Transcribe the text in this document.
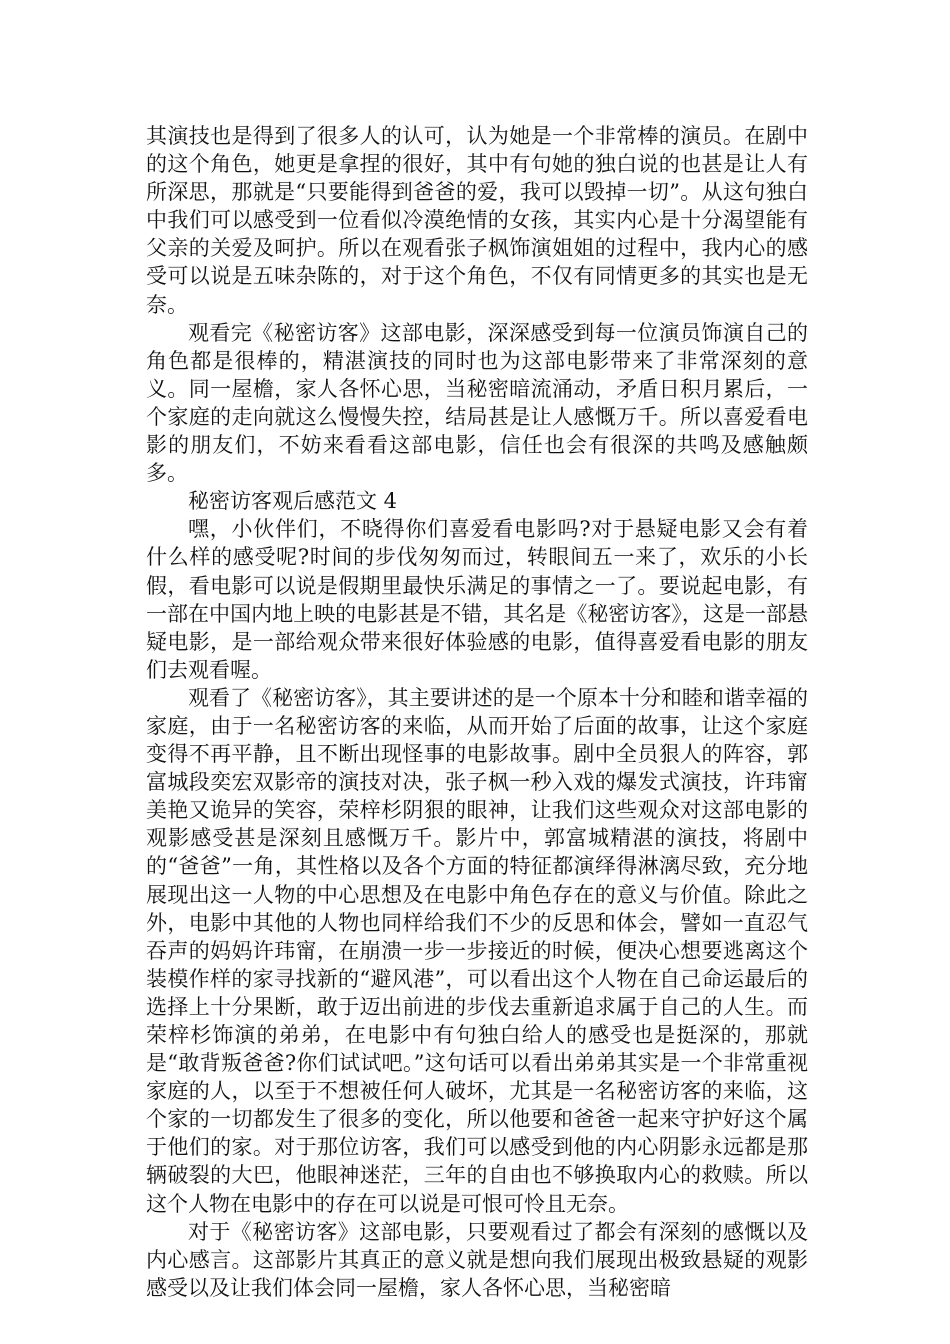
其演技也是得到了很多人的认可，认为她是一个非常棒的演员。在剧中的这个角色，她更是拿捏的很好，其中有句她的独白说的也甚是让人有所深思，那就是“只要能得到爸爸的爱，我可以毁掉一切”。从这句独白中我们可以感受到一位看似冷漠绝情的女孩，其实内心是十分渴望能有父亲的关爱及呵护。所以在观看张子枫饰演姐姐的过程中，我内心的感受可以说是五味杂陈的，对于这个角色，不仅有同情更多的其实也是无奈。

观看完《秘密访客》这部电影，深深感受到每一位演员饰演自己的角色都是很棒的，精湛演技的同时也为这部电影带来了非常深刻的意义。同一屋檐，家人各怀心思，当秘密暗流涌动，矛盾日积月累后，一个家庭的走向就这么慢慢失控，结局甚是让人感慨万千。所以喜爱看电影的朋友们，不妨来看看这部电影，信任也会有很深的共鸣及感触颇多。

秘密访客观后感范文 4

嘿，小伙伴们，不晓得你们喜爱看电影吗?对于悬疑电影又会有着什么样的感受呢?时间的步伐匆匆而过，转眼间五一来了，欢乐的小长假，看电影可以说是假期里最快乐满足的事情之一了。要说起电影，有一部在中国内地上映的电影甚是不错，其名是《秘密访客》，这是一部悬疑电影，是一部给观众带来很好体验感的电影，值得喜爱看电影的朋友们去观看喔。

观看了《秘密访客》，其主要讲述的是一个原本十分和睦和谐幸福的家庭，由于一名秘密访客的来临，从而开始了后面的故事，让这个家庭变得不再平静，且不断出现怪事的电影故事。剧中全员狠人的阵容，郭富城段奕宏双影帝的演技对决，张子枫一秒入戏的爆发式演技，许玮甯美艳又诡异的笑容，荣梓杉阴狠的眼神，让我们这些观众对这部电影的观影感受甚是深刻且感慨万千。影片中，郭富城精湛的演技，将剧中的“爸爸”一角，其性格以及各个方面的特征都演绎得淋漓尽致，充分地展现出这一人物的中心思想及在电影中角色存在的意义与价值。除此之外，电影中其他的人物也同样给我们不少的反思和体会，譬如一直忍气吞声的妈妈许玮甯，在崩溃一步一步接近的时候，便决心想要逃离这个装模作样的家寻找新的“避风港”，可以看出这个人物在自己命运最后的选择上十分果断，敢于迈出前进的步伐去重新追求属于自己的人生。而荣梓杉饰演的弟弟，在电影中有句独白给人的感受也是挺深的，那就是“敢背叛爸爸?你们试试吧。”这句话可以看出弟弟其实是一个非常重视家庭的人，以至于不想被任何人破坏，尤其是一名秘密访客的来临，这个家的一切都发生了很多的变化，所以他要和爸爸一起来守护好这个属于他们的家。对于那位访客，我们可以感受到他的内心阴影永远都是那辆破裂的大巴，他眼神迷茫，三年的自由也不够换取内心的救赎。所以这个人物在电影中的存在可以说是可恨可怜且无奈。

对于《秘密访客》这部电影，只要观看过了都会有深刻的感慨以及内心感言。这部影片其真正的意义就是想向我们展现出极致悬疑的观影感受以及让我们体会同一屋檐，家人各怀心思，当秘密暗
